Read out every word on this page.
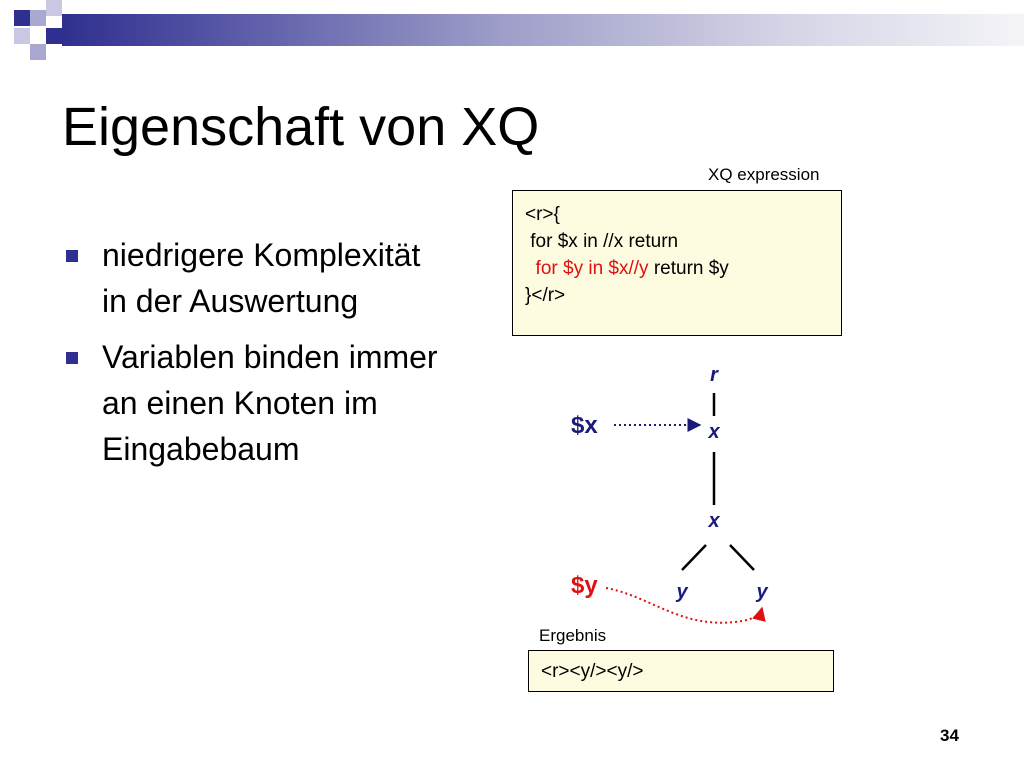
Eigenschaft von XQ
niedrigere Komplexität in der Auswertung
Variablen binden immer an einen Knoten im Eingabebaum
XQ expression
<r>{
for $x in //x return
for $y in $x//y return $y
}</r>
r
x
x
y	y
$x
$y
Ergebnis
<r><y/><y/>
34
